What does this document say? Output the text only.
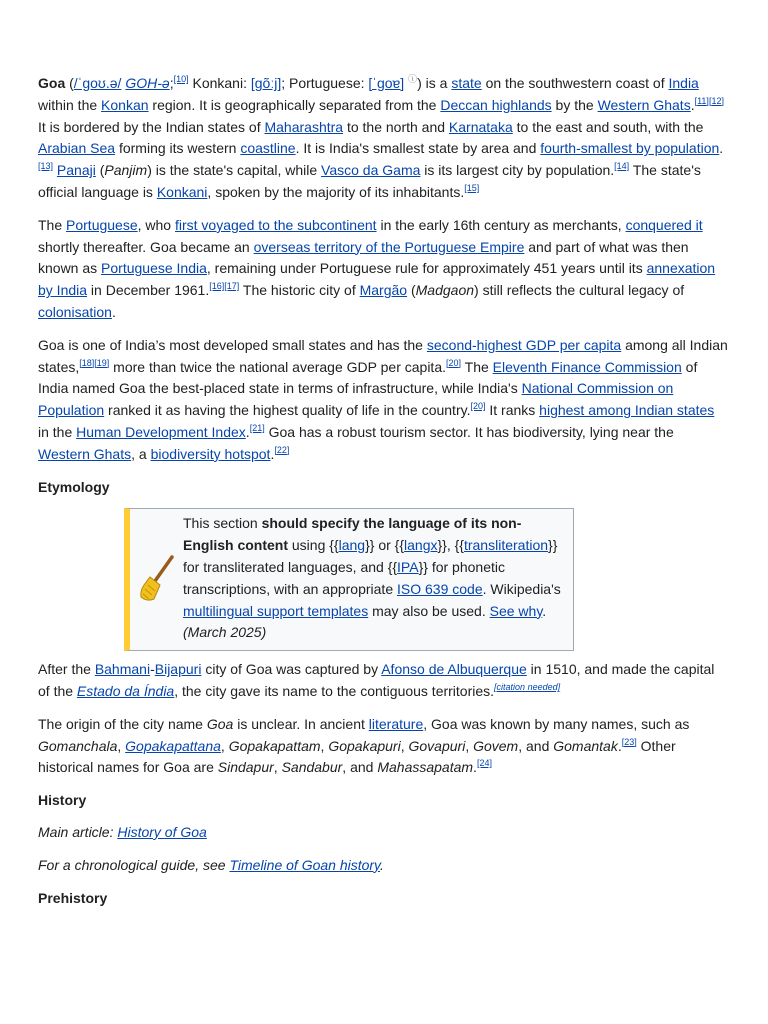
Goa (/ˈɡoʊ.ə/ GOH-ə;[10] Konkani: [ɡõːj]; Portuguese: [ˈɡoɐ] ⓘ) is a state on the southwestern coast of India within the Konkan region. It is geographically separated from the Deccan highlands by the Western Ghats.[11][12] It is bordered by the Indian states of Maharashtra to the north and Karnataka to the east and south, with the Arabian Sea forming its western coastline. It is India's smallest state by area and fourth-smallest by population.[13] Panaji (Panjim) is the state's capital, while Vasco da Gama is its largest city by population.[14] The state's official language is Konkani, spoken by the majority of its inhabitants.[15]

The Portuguese, who first voyaged to the subcontinent in the early 16th century as merchants, conquered it shortly thereafter. Goa became an overseas territory of the Portuguese Empire and part of what was then known as Portuguese India, remaining under Portuguese rule for approximately 451 years until its annexation by India in December 1961.[16][17] The historic city of Margão (Madgaon) still reflects the cultural legacy of colonisation.

Goa is one of India’s most developed small states and has the second-highest GDP per capita among all Indian states,[18][19] more than twice the national average GDP per capita.[20] The Eleventh Finance Commission of India named Goa the best-placed state in terms of infrastructure, while India's National Commission on Population ranked it as having the highest quality of life in the country.[20] It ranks highest among Indian states in the Human Development Index.[21] Goa has a robust tourism sector. It has biodiversity, lying near the Western Ghats, a biodiversity hotspot.[22]

Etymology
This section should specify the language of its non-English content using {{lang}} or {{langx}}, {{transliteration}} for transliterated languages, and {{IPA}} for phonetic transcriptions, with an appropriate ISO 639 code. Wikipedia's multilingual support templates may also be used. See why. (March 2025)

After the Bahmani-Bijapuri city of Goa was captured by Afonso de Albuquerque in 1510, and made the capital of the Estado da Índia, the city gave its name to the contiguous territories.[citation needed]

The origin of the city name Goa is unclear. In ancient literature, Goa was known by many names, such as Gomanchala, Gopakapattana, Gopakapattam, Gopakapuri, Govapuri, Govem, and Gomantak.[23] Other historical names for Goa are Sindapur, Sandabur, and Mahassapatam.[24]

History

Main article: History of Goa

For a chronological guide, see Timeline of Goan history.

Prehistory
